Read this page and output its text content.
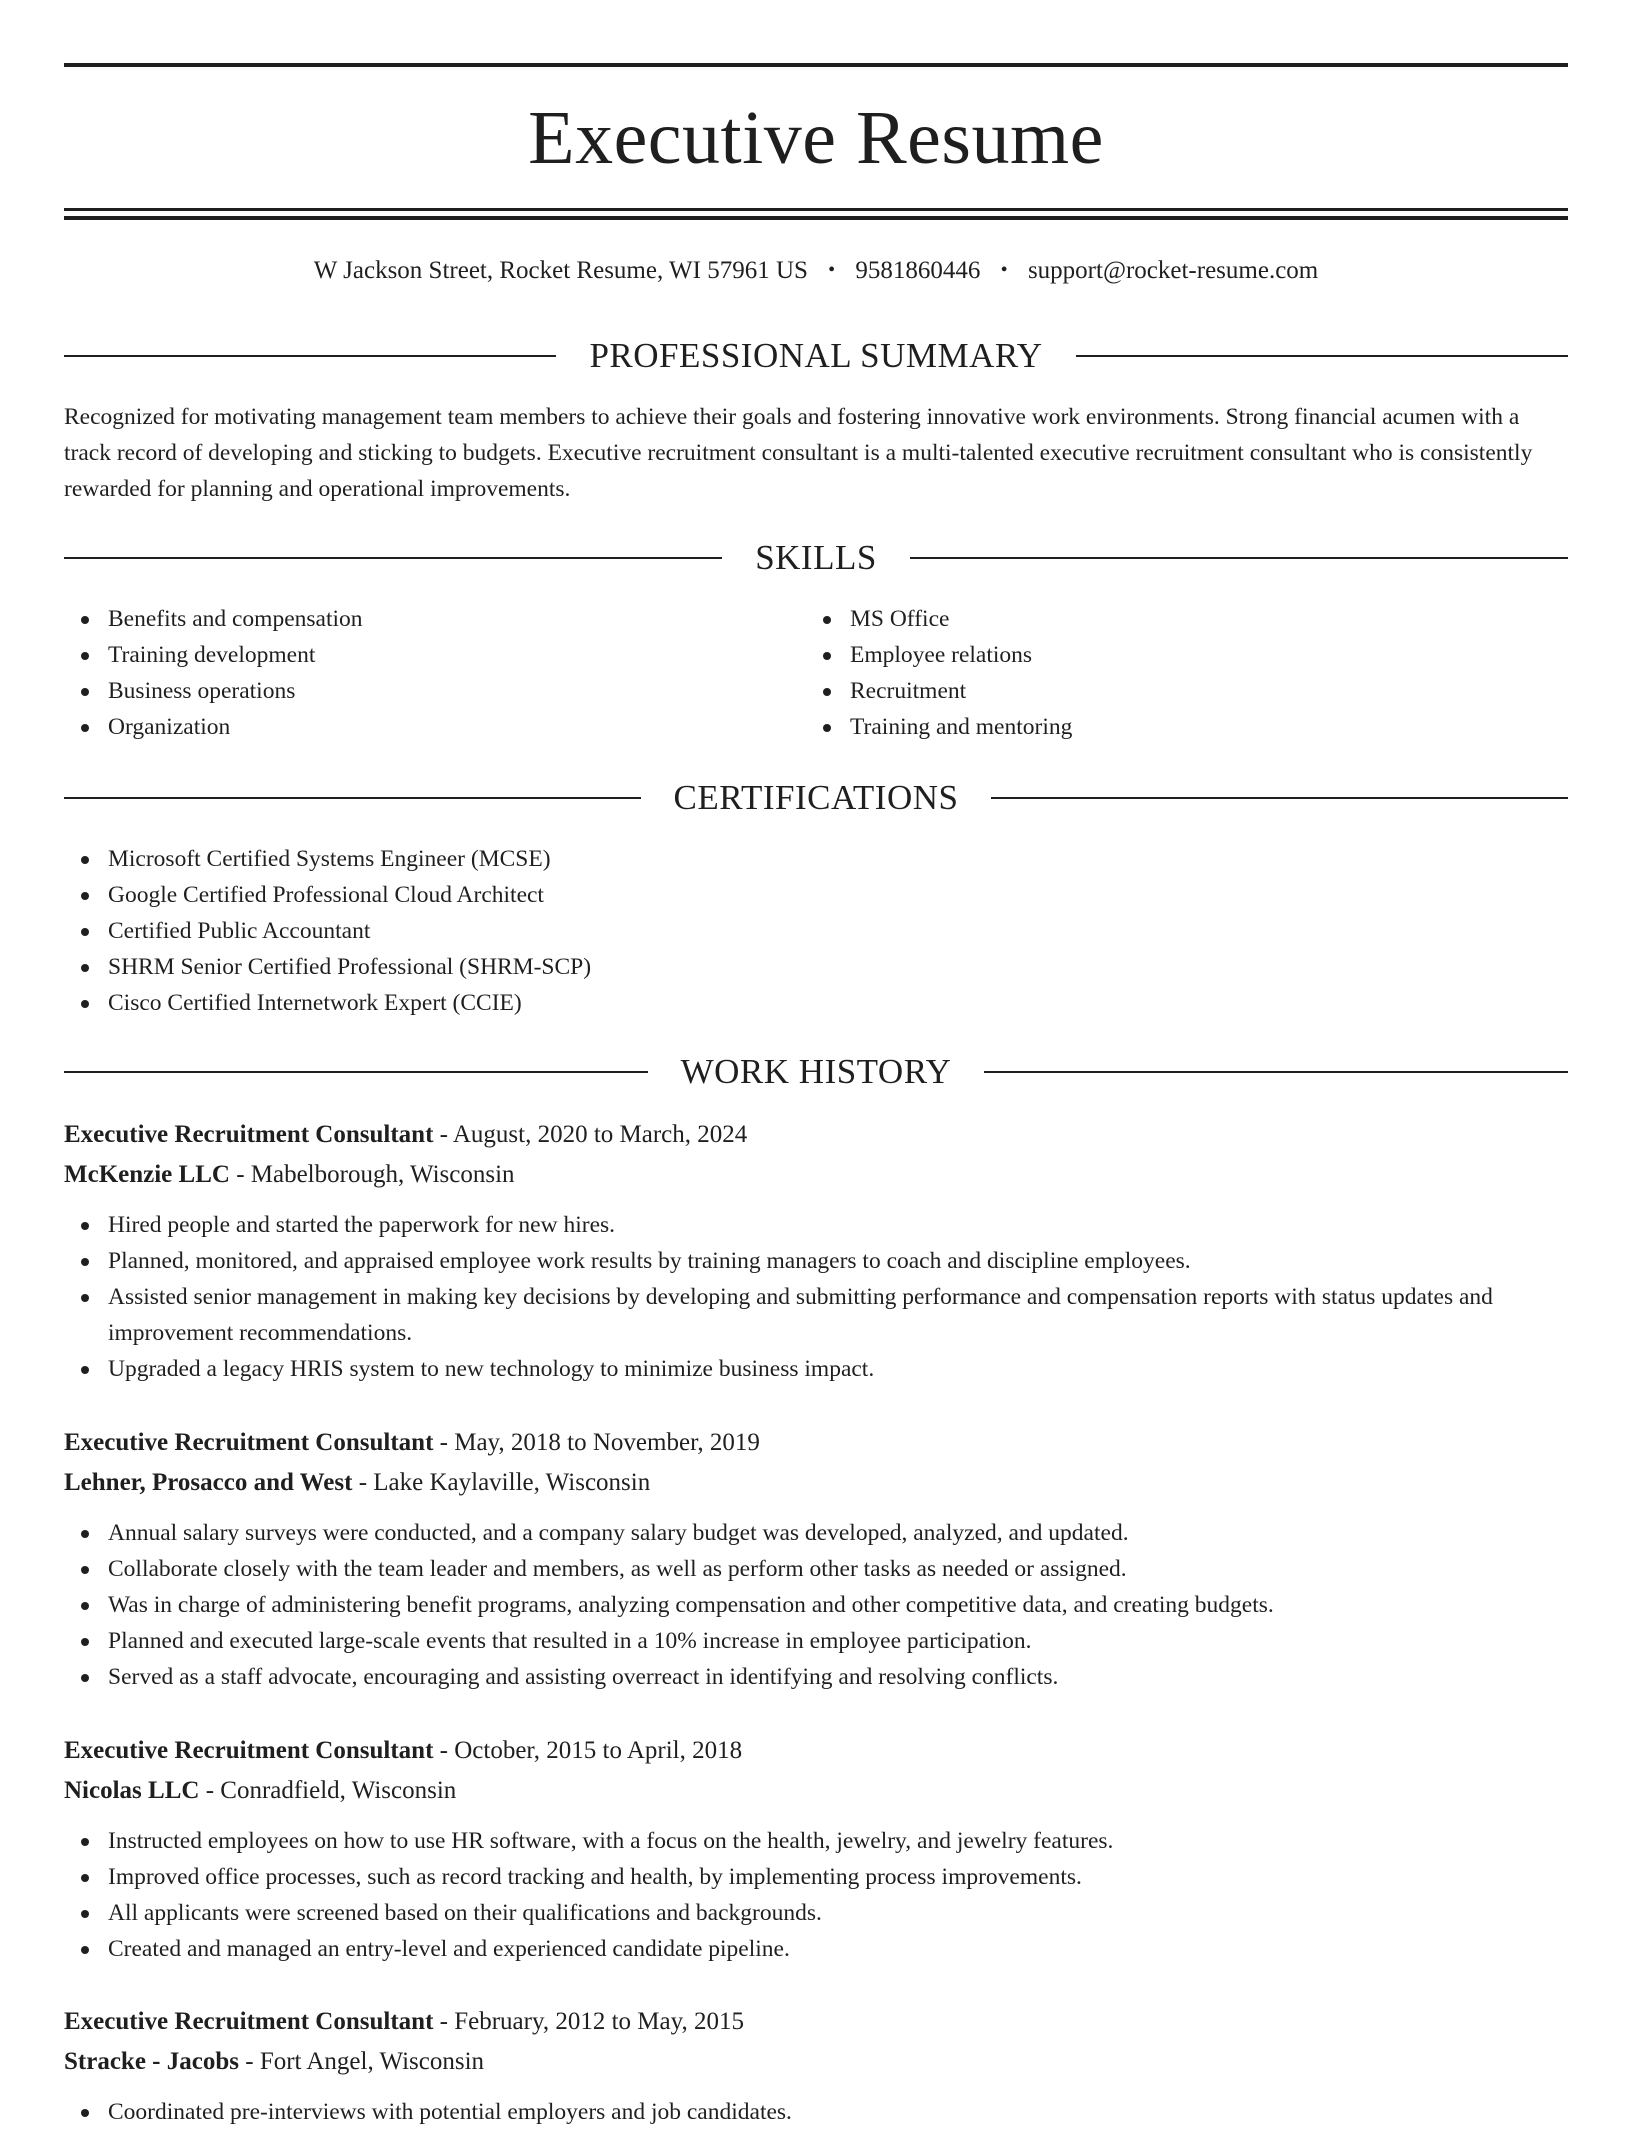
Executive Resume
W Jackson Street, Rocket Resume, WI 57961 US • 9581860446 • support@rocket-resume.com
PROFESSIONAL SUMMARY

Recognized for motivating management team members to achieve their goals and fostering innovative work environments. Strong financial acumen with a track record of developing and sticking to budgets. Executive recruitment consultant is a multi-talented executive recruitment consultant who is consistently rewarded for planning and operational improvements.

SKILLS
Benefits and compensation
Training development
Business operations
Organization
MS Office
Employee relations
Recruitment
Training and mentoring
CERTIFICATIONS
Microsoft Certified Systems Engineer (MCSE)
Google Certified Professional Cloud Architect
Certified Public Accountant
SHRM Senior Certified Professional (SHRM-SCP)
Cisco Certified Internetwork Expert (CCIE)
WORK HISTORY
Executive Recruitment Consultant - August, 2020 to March, 2024
McKenzie LLC - Mabelborough, Wisconsin
Hired people and started the paperwork for new hires.
Planned, monitored, and appraised employee work results by training managers to coach and discipline employees.
Assisted senior management in making key decisions by developing and submitting performance and compensation reports with status updates and improvement recommendations.
Upgraded a legacy HRIS system to new technology to minimize business impact.
Executive Recruitment Consultant - May, 2018 to November, 2019
Lehner, Prosacco and West - Lake Kaylaville, Wisconsin
Annual salary surveys were conducted, and a company salary budget was developed, analyzed, and updated.
Collaborate closely with the team leader and members, as well as perform other tasks as needed or assigned.
Was in charge of administering benefit programs, analyzing compensation and other competitive data, and creating budgets.
Planned and executed large-scale events that resulted in a 10% increase in employee participation.
Served as a staff advocate, encouraging and assisting overreact in identifying and resolving conflicts.
Executive Recruitment Consultant - October, 2015 to April, 2018
Nicolas LLC - Conradfield, Wisconsin
Instructed employees on how to use HR software, with a focus on the health, jewelry, and jewelry features.
Improved office processes, such as record tracking and health, by implementing process improvements.
All applicants were screened based on their qualifications and backgrounds.
Created and managed an entry-level and experienced candidate pipeline.
Executive Recruitment Consultant - February, 2012 to May, 2015
Stracke - Jacobs - Fort Angel, Wisconsin
Coordinated pre-interviews with potential employers and job candidates.
